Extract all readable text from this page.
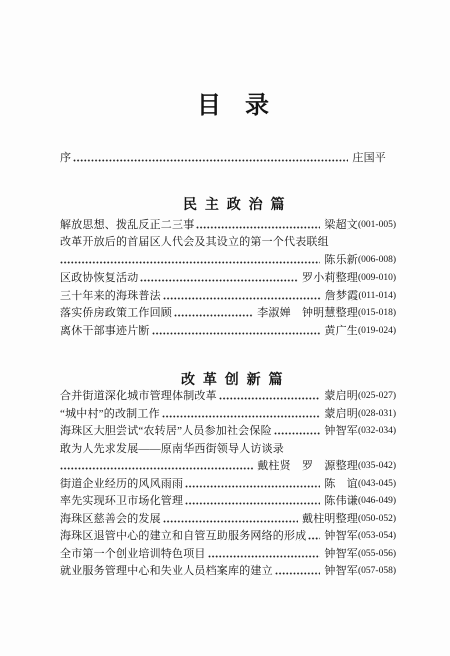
目　录
序	庄国平
民 主 政 治 篇
解放思想、拨乱反正二三事	梁超文 (001-005)
改革开放后的首届区人代会及其设立的第一个代表联组
陈乐新 (006-008)
区政协恢复活动	罗小莉整理 (009-010)
三十年来的海珠普法	詹梦霞 (011-014)
落实侨房政策工作回顾	李淑婵　钟明慧整理 (015-018)
离休干部事迹片断	黄广生 (019-024)
改 革 创 新 篇
合并街道深化城市管理体制改革	蒙启明 (025-027)
“城中村”的改制工作	蒙启明 (028-031)
海珠区大胆尝试“农转居”人员参加社会保险	钟智军 (032-034)
敢为人先求发展——原南华西街领导人访谈录
戴柱贤　罗　源整理 (035-042)
街道企业经历的风风雨雨	陈　谊 (043-045)
率先实现环卫市场化管理	陈伟谦 (046-049)
海珠区慈善会的发展	戴柱明整理 (050-052)
海珠区退管中心的建立和自管互助服务网络的形成 钟智军 (053-054)
全市第一个创业培训特色项目	钟智军 (055-056)
就业服务管理中心和失业人员档案库的建立	钟智军 (057-058)
